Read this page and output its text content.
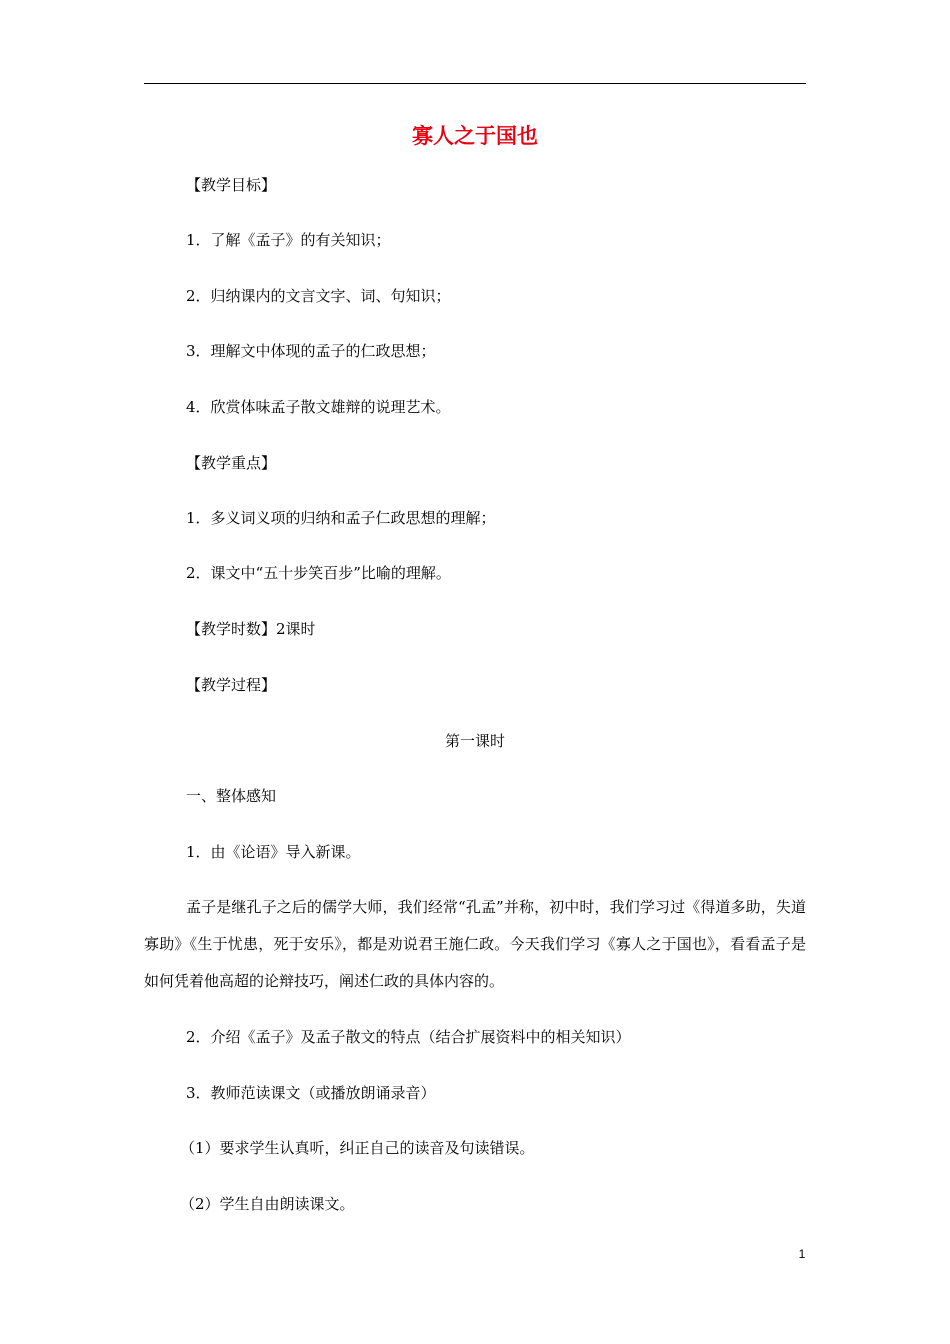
寡人之于国也
【教学目标】
1．了解《孟子》的有关知识；
2．归纳课内的文言文字、词、句知识；
3．理解文中体现的孟子的仁政思想；
4．欣赏体味孟子散文雄辩的说理艺术。
【教学重点】
1．多义词义项的归纳和孟子仁政思想的理解；
2．课文中“五十步笑百步”比喻的理解。
【教学时数】2课时
【教学过程】
第一课时
一、整体感知
1．由《论语》导入新课。
孟子是继孔子之后的儒学大师，我们经常“孔孟”并称，初中时，我们学习过《得道多助，失道寡助》《生于忧患，死于安乐》，都是劝说君王施仁政。今天我们学习《寡人之于国也》，看看孟子是如何凭着他高超的论辩技巧，阐述仁政的具体内容的。
2．介绍《孟子》及孟子散文的特点（结合扩展资料中的相关知识）
3．教师范读课文（或播放朗诵录音）
（1）要求学生认真听，纠正自己的读音及句读错误。
（2）学生自由朗读课文。
1
